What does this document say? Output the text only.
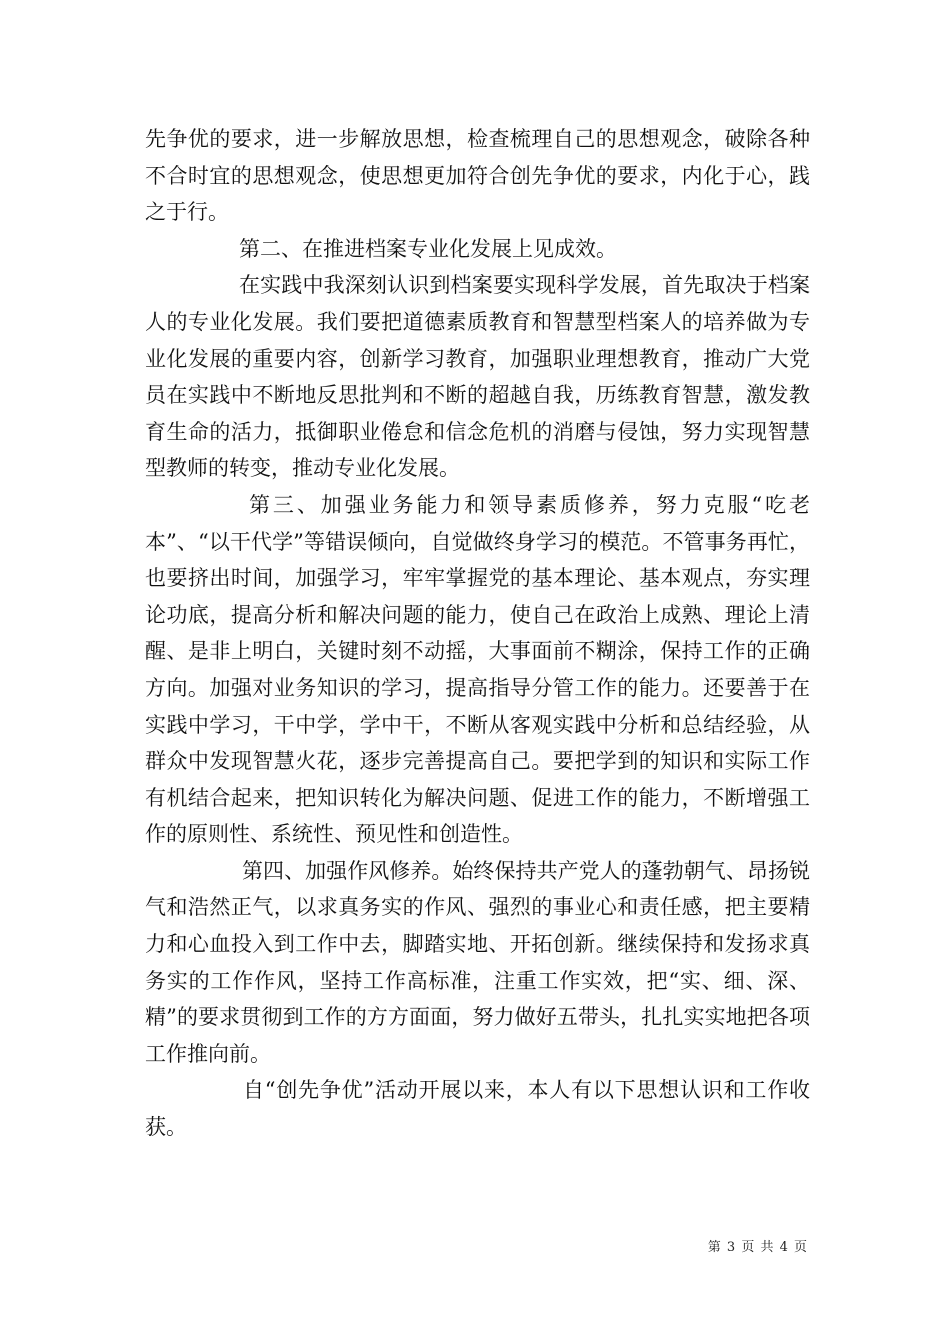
先争优的要求，进一步解放思想，检查梳理自己的思想观念，破除各种不合时宜的思想观念，使思想更加符合创先争优的要求，内化于心，践之于行。

第二、在推进档案专业化发展上见成效。

在实践中我深刻认识到档案要实现科学发展，首先取决于档案人的专业化发展。我们要把道德素质教育和智慧型档案人的培养做为专业化发展的重要内容，创新学习教育，加强职业理想教育，推动广大党员在实践中不断地反思批判和不断的超越自我，历练教育智慧，激发教育生命的活力，抵御职业倦怠和信念危机的消磨与侵蚀，努力实现智慧型教师的转变，推动专业化发展。

第三、加强业务能力和领导素质修养，努力克服“吃老本”、“以干代学”等错误倾向，自觉做终身学习的模范。不管事务再忙，也要挤出时间，加强学习，牢牢掌握党的基本理论、基本观点，夯实理论功底，提高分析和解决问题的能力，使自己在政治上成熟、理论上清醒、是非上明白，关键时刻不动摇，大事面前不糊涂，保持工作的正确方向。加强对业务知识的学习，提高指导分管工作的能力。还要善于在实践中学习，干中学，学中干，不断从客观实践中分析和总结经验，从群众中发现智慧火花，逐步完善提高自己。要把学到的知识和实际工作有机结合起来，把知识转化为解决问题、促进工作的能力，不断增强工作的原则性、系统性、预见性和创造性。

第四、加强作风修养。始终保持共产党人的蓬勃朝气、昂扬锐气和浩然正气，以求真务实的作风、强烈的事业心和责任感，把主要精力和心血投入到工作中去，脚踏实地、开拓创新。继续保持和发扬求真务实的工作作风，坚持工作高标准，注重工作实效，把“实、细、深、精”的要求贯彻到工作的方方面面，努力做好五带头，扎扎实实地把各项工作推向前。

自“创先争优”活动开展以来，本人有以下思想认识和工作收获。

第 3 页 共 4 页
